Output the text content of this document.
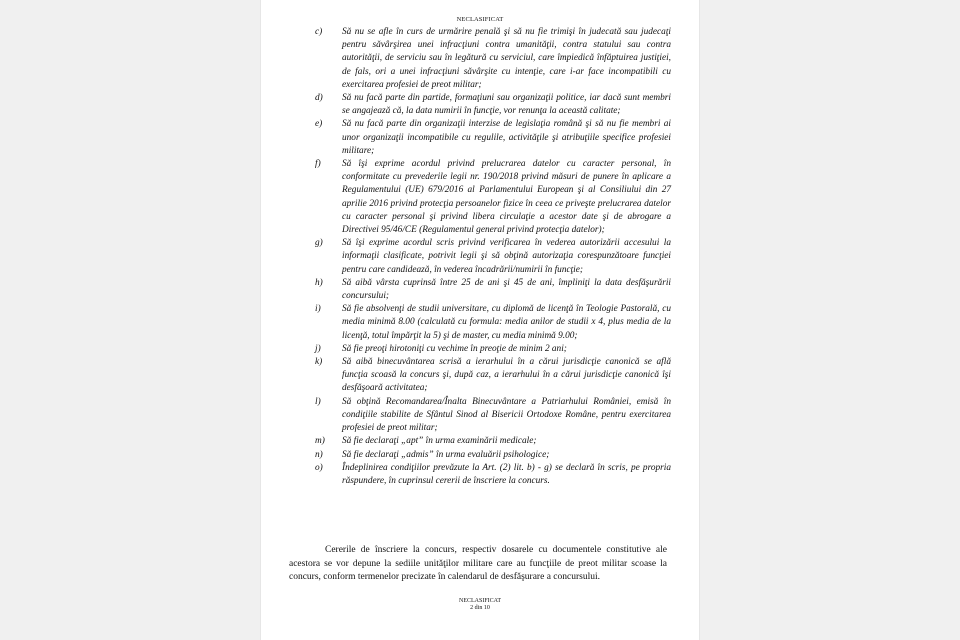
NECLASIFICAT
c) Să nu se afle în curs de urmărire penală şi să nu fie trimişi în judecată sau judecaţi pentru săvârşirea unei infracţiuni contra umanităţii, contra statului sau contra autorităţii, de serviciu sau în legătură cu serviciul, care împiedică înfăptuirea justiţiei, de fals, ori a unei infracţiuni săvârşite cu intenţie, care i-ar face incompatibili cu exercitarea profesiei de preot militar;
d) Să nu facă parte din partide, formaţiuni sau organizaţii politice, iar dacă sunt membri se angajează că, la data numirii în funcţie, vor renunţa la această calitate;
e) Să nu facă parte din organizaţii interzise de legislaţia română şi să nu fie membri ai unor organizaţii incompatibile cu regulile, activităţile şi atribuţiile specifice profesiei militare;
f) Să îşi exprime acordul privind prelucrarea datelor cu caracter personal, în conformitate cu prevederile legii nr. 190/2018 privind măsuri de punere în aplicare a Regulamentului (UE) 679/2016 al Parlamentului European şi al Consiliului din 27 aprilie 2016 privind protecţia persoanelor fizice în ceea ce priveşte prelucrarea datelor cu caracter personal şi privind libera circulaţie a acestor date şi de abrogare a Directivei 95/46/CE (Regulamentul general privind protecţia datelor);
g) Să îşi exprime acordul scris privind verificarea în vederea autorizării accesului la informaţii clasificate, potrivit legii şi să obţină autorizaţia corespunzătoare funcţiei pentru care candidează, în vederea încadrării/numirii în funcţie;
h) Să aibă vârsta cuprinsă între 25 de ani şi 45 de ani, împliniţi la data desfăşurării concursului;
i) Să fie absolvenţi de studii universitare, cu diplomă de licenţă în Teologie Pastorală, cu media minimă 8.00 (calculată cu formula: media anilor de studii x 4, plus media de la licenţă, totul împărţit la 5) şi de master, cu media minimă 9.00;
j) Să fie preoţi hirotoniţi cu vechime în preoţie de minim 2 ani;
k) Să aibă binecuvântarea scrisă a ierarhului în a cărui jurisdicţie canonică se află funcţia scoasă la concurs şi, după caz, a ierarhului în a cărui jurisdicţie canonică îşi desfăşoară activitatea;
l) Să obţină Recomandarea/Înalta Binecuvântare a Patriarhului României, emisă în condiţiile stabilite de Sfântul Sinod al Bisericii Ortodoxe Române, pentru exercitarea profesiei de preot militar;
m) Să fie declaraţi „apt” în urma examinării medicale;
n) Să fie declaraţi „admis” în urma evaluării psihologice;
o) Îndeplinirea condiţiilor prevăzute la Art. (2) lit. b) - g) se declară în scris, pe propria răspundere, în cuprinsul cererii de înscriere la concurs.
Cererile de înscriere la concurs, respectiv dosarele cu documentele constitutive ale acestora se vor depune la sediile unităţilor militare care au funcţiile de preot militar scoase la concurs, conform termenelor precizate în calendarul de desfăşurare a concursului.
NECLASIFICAT
2 din 10
